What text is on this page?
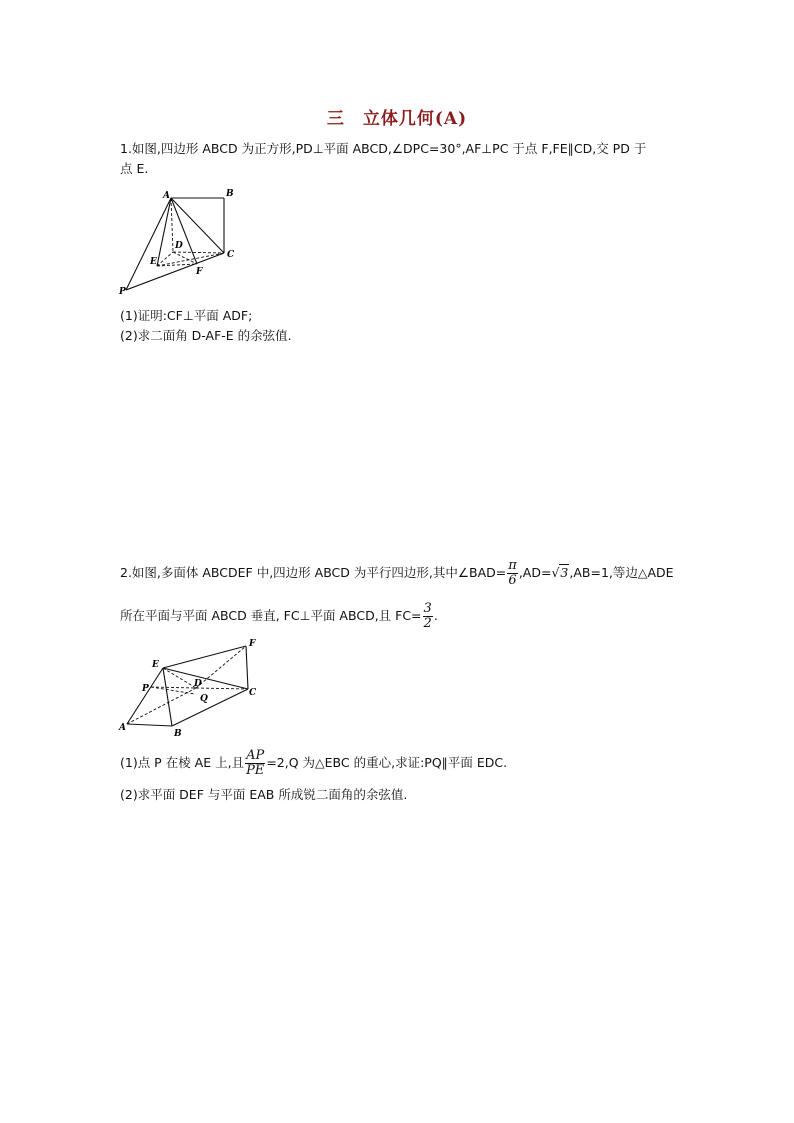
三 立体几何(A)
1.如图,四边形 ABCD 为正方形,PD⊥平面 ABCD,∠DPC=30°,AF⊥PC 于点 F,FE∥CD,交 PD 于
点 E.
A	B
C
D
E
F
P
(1)证明:CF⊥平面 ADF;
(2)求二面角 D-AF-E 的余弦值.
2.如图,多面体 ABCDEF 中,四边形 ABCD 为平行四边形,其中∠BAD= $\frac{\pi}{6} ,AD=√3,AB=1$,等边△ADE
所在平面与平面 ABCD 垂直, FC⊥平面 ABCD,且 $FC= \frac{3}{2}$ .
A
B
C
D
E
F
P
Q
(1)点 P 在棱 AE 上,且 $\frac{AP}{PE} =2,Q$ 为△EBC 的重心,求证:PQ∥平面 EDC.
(2)求平面 DEF 与平面 EAB 所成锐二面角的余弦值.
